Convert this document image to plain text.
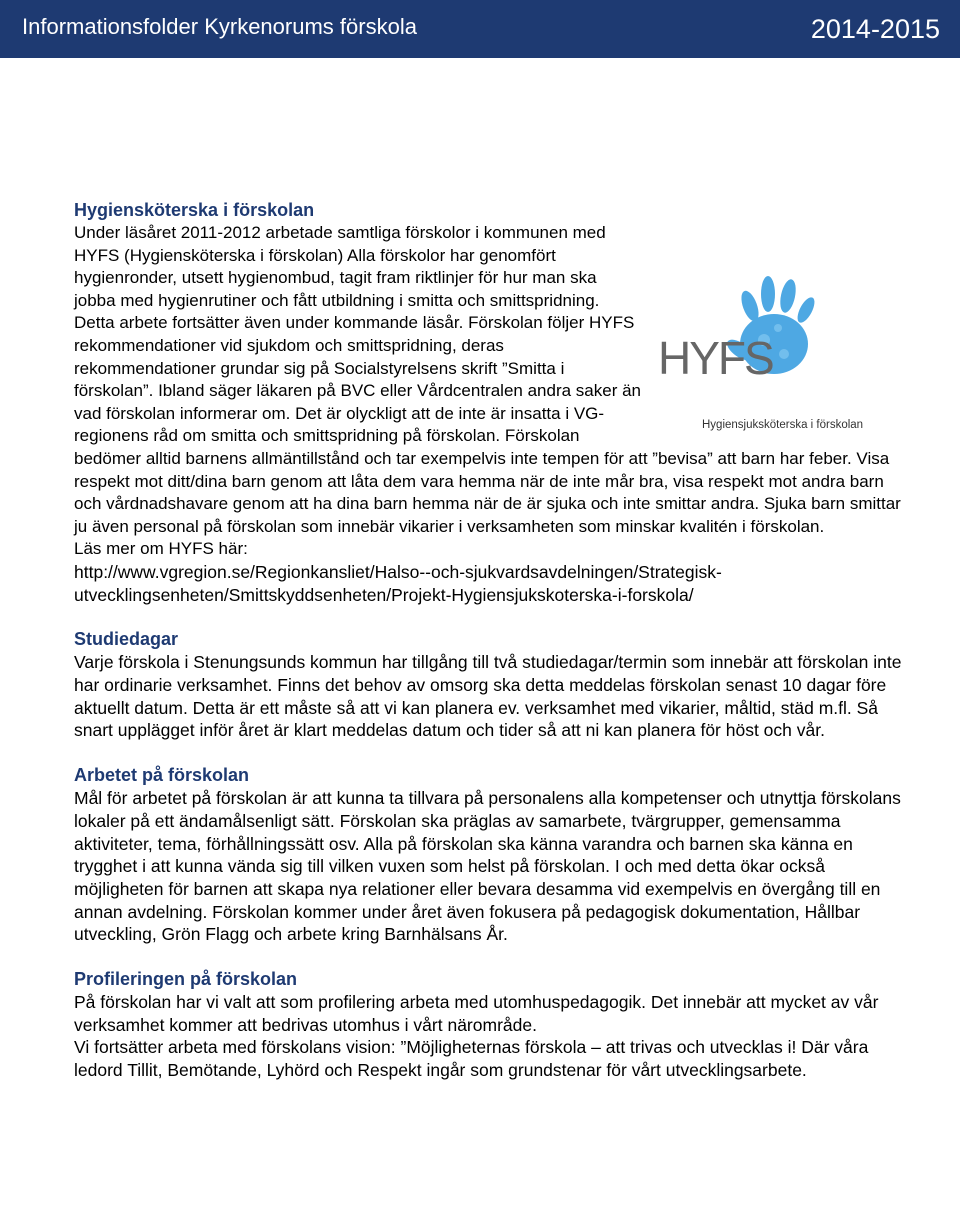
Informationsfolder Kyrkenorums förskola	2014-2015
Hygiensköterska i förskolan
HYFS
Hygiensjuksköterska i förskolan
Under läsåret 2011-2012 arbetade samtliga förskolor i kommunen med HYFS (Hygiensköterska i förskolan) Alla förskolor har genomfört hygienronder, utsett hygienombud, tagit fram riktlinjer för hur man ska jobba med hygienrutiner och fått utbildning i smitta och smittspridning. Detta arbete fortsätter även under kommande läsår. Förskolan följer HYFS rekommendationer vid sjukdom och smittspridning, deras rekommendationer grundar sig på Socialstyrelsens skrift ”Smitta i förskolan”. Ibland säger läkaren på BVC eller Vårdcentralen andra saker än vad förskolan informerar om. Det är olyckligt att de inte är insatta i VG-regionens råd om smitta och smittspridning på förskolan. Förskolan bedömer alltid barnens allmäntillstånd och tar exempelvis inte tempen för att ”bevisa” att barn har feber. Visa respekt mot ditt/dina barn genom att låta dem vara hemma när de inte mår bra, visa respekt mot andra barn och vårdnadshavare genom att ha dina barn hemma när de är sjuka och inte smittar andra. Sjuka barn smittar ju även personal på förskolan som innebär vikarier i verksamheten som minskar kvalitén i förskolan.
Läs mer om HYFS här:
http://www.vgregion.se/Regionkansliet/Halso--och-sjukvardsavdelningen/Strategisk-utvecklingsenheten/Smittskyddsenheten/Projekt-Hygiensjukskoterska-i-forskola/
Studiedagar
Varje förskola i Stenungsunds kommun har tillgång till två studiedagar/termin som innebär att förskolan inte har ordinarie verksamhet. Finns det behov av omsorg ska detta meddelas förskolan senast 10 dagar före aktuellt datum. Detta är ett måste så att vi kan planera ev. verksamhet med vikarier, måltid, städ m.fl. Så snart upplägget inför året är klart meddelas datum och tider så att ni kan planera för höst och vår.
Arbetet på förskolan
Mål för arbetet på förskolan är att kunna ta tillvara på personalens alla kompetenser och utnyttja förskolans lokaler på ett ändamålsenligt sätt. Förskolan ska präglas av samarbete, tvärgrupper, gemensamma aktiviteter, tema, förhållningssätt osv. Alla på förskolan ska känna varandra och barnen ska känna en trygghet i att kunna vända sig till vilken vuxen som helst på förskolan. I och med detta ökar också möjligheten för barnen att skapa nya relationer eller bevara desamma vid exempelvis en övergång till en annan avdelning. Förskolan kommer under året även fokusera på pedagogisk dokumentation, Hållbar utveckling, Grön Flagg och arbete kring Barnhälsans År.
Profileringen på förskolan
På förskolan har vi valt att som profilering arbeta med utomhuspedagogik. Det innebär att mycket av vår verksamhet kommer att bedrivas utomhus i vårt närområde.
Vi fortsätter arbeta med förskolans vision: ”Möjligheternas förskola – att trivas och utvecklas i! Där våra ledord Tillit, Bemötande, Lyhörd och Respekt ingår som grundstenar för vårt utvecklingsarbete.
